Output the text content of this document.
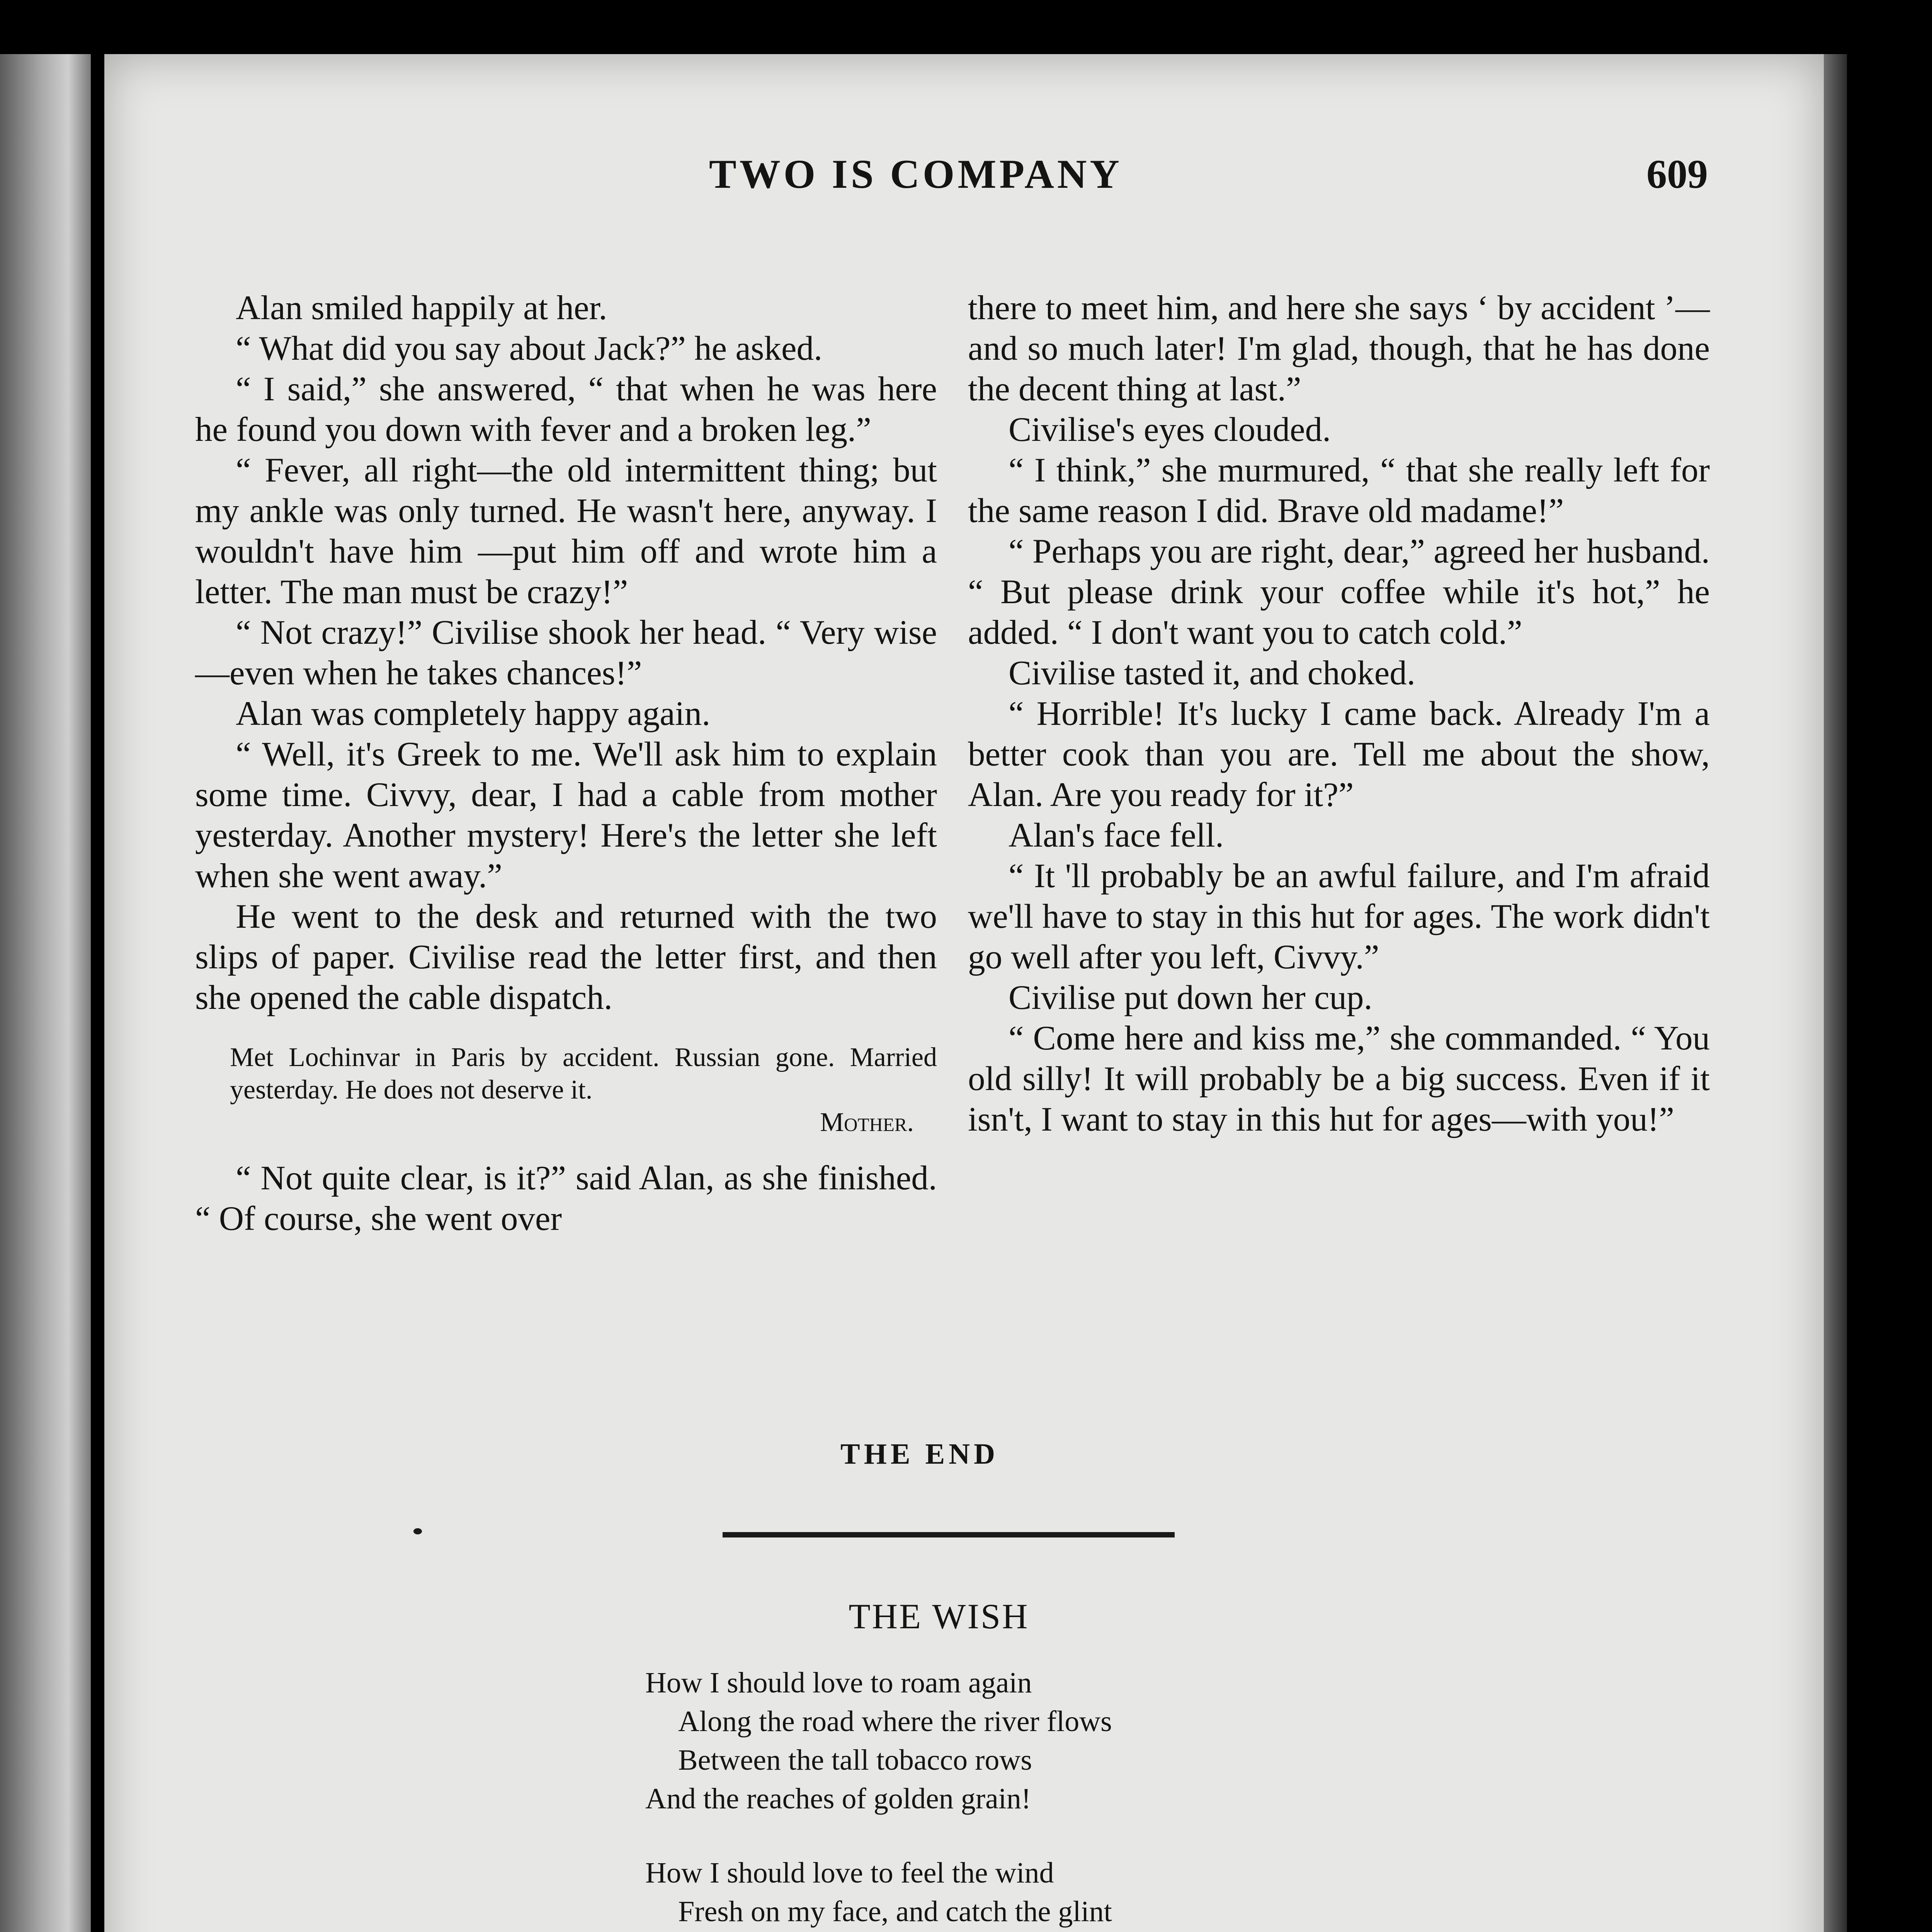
TWO IS COMPANY	609

Alan smiled happily at her.

“ What did you say about Jack?” he asked.

“ I said,” she answered, “ that when he was here he found you down with fever and a broken leg.”

“ Fever, all right—the old intermittent thing; but my ankle was only turned. He wasn't here, anyway. I wouldn't have him —put him off and wrote him a letter. The man must be crazy!”

“ Not crazy!” Civilise shook her head. “ Very wise—even when he takes chances!”

Alan was completely happy again.

“ Well, it's Greek to me. We'll ask him to explain some time. Civvy, dear, I had a cable from mother yesterday. Another mystery! Here's the letter she left when she went away.”

He went to the desk and returned with the two slips of paper. Civilise read the letter first, and then she opened the cable dispatch.

Met Lochinvar in Paris by accident. Russian gone. Married yesterday. He does not deserve it.
Mother.

“ Not quite clear, is it?” said Alan, as she finished. “ Of course, she went over

there to meet him, and here she says ‘ by accident ’—and so much later! I'm glad, though, that he has done the decent thing at last.”

Civilise's eyes clouded.

“ I think,” she murmured, “ that she really left for the same reason I did. Brave old madame!”

“ Perhaps you are right, dear,” agreed her husband. “ But please drink your coffee while it's hot,” he added. “ I don't want you to catch cold.”

Civilise tasted it, and choked.

“ Horrible! It's lucky I came back. Already I'm a better cook than you are. Tell me about the show, Alan. Are you ready for it?”

Alan's face fell.

“ It 'll probably be an awful failure, and I'm afraid we'll have to stay in this hut for ages. The work didn't go well after you left, Civvy.”

Civilise put down her cup.

“ Come here and kiss me,” she commanded. “ You old silly! It will probably be a big success. Even if it isn't, I want to stay in this hut for ages—with you!”

THE END
THE WISH
How I should love to roam again
Along the road where the river flows
Between the tall tobacco rows
And the reaches of golden grain!
How I should love to feel the wind
Fresh on my face, and catch the glint
